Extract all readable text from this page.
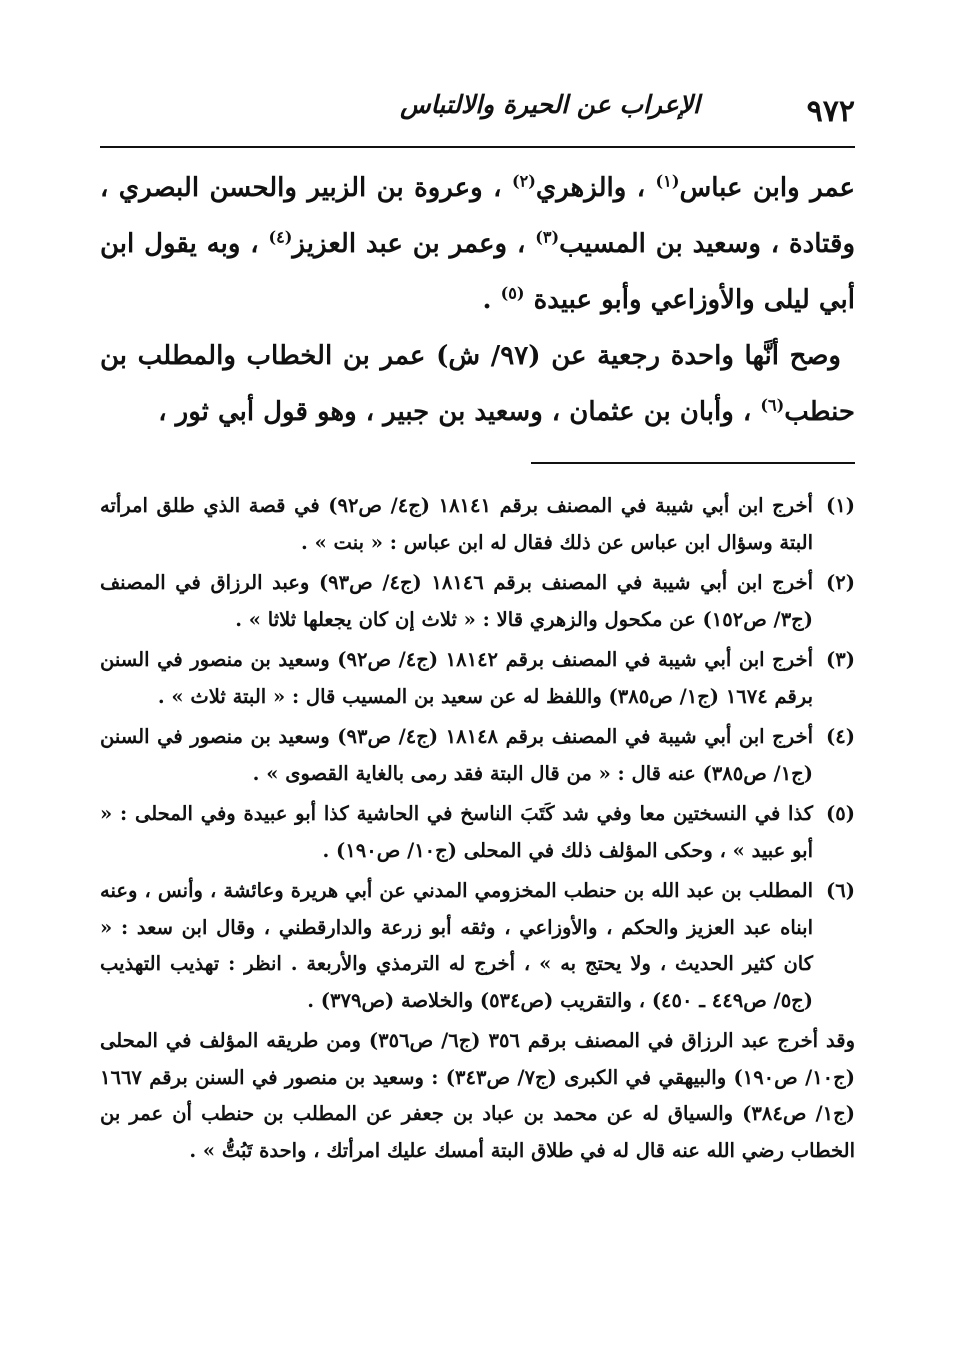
٩٧٢
الإعراب عن الحيرة والالتباس

عمر وابن عباس$^{(١)}$ ، والزهري$^{(٢)}$ ، وعروة بن الزبير والحسن البصري ، وقتادة ، وسعيد بن المسيب$^{(٣)}$ ، وعمر بن عبد العزيز$^{(٤)}$ ، وبه يقول ابن أبي ليلى والأوزاعي وأبو عبيدة $^{(٥)}$ .

وصح أنَّها واحدة رجعية عن (٩٧/ ش) عمر بن الخطاب والمطلب بن حنطب$^{(٦)}$ ، وأبان بن عثمان ، وسعيد بن جبير ، وهو قول أبي ثور ،

(١)
أخرج ابن أبي شيبة في المصنف برقم ١٨١٤١ (ج٤/ ص٩٢) في قصة الذي طلق امرأته البتة وسؤال ابن عباس عن ذلك فقال له ابن عباس : « بنت » .
(٢)
أخرج ابن أبي شيبة في المصنف برقم ١٨١٤٦ (ج٤/ ص٩٣) وعبد الرزاق في المصنف (ج٣/ ص١٥٢) عن مكحول والزهري قالا : « ثلاث إن كان يجعلها ثلاثا » .
(٣)
أخرج ابن أبي شيبة في المصنف برقم ١٨١٤٢ (ج٤/ ص٩٢) وسعيد بن منصور في السنن برقم ١٦٧٤ (ج١/ ص٣٨٥) واللفظ له عن سعيد بن المسيب قال : « البتة ثلاث » .
(٤)
أخرج ابن أبي شيبة في المصنف برقم ١٨١٤٨ (ج٤/ ص٩٣) وسعيد بن منصور في السنن (ج١/ ص٣٨٥) عنه قال : « من قال البتة فقد رمى بالغاية القصوى » .
(٥)
كذا في النسختين معا وفي شد كَتَبَ الناسخ في الحاشية كذا أبو عبيدة وفي المحلى : « أبو عبيد » ، وحكى المؤلف ذلك في المحلى (ج١٠/ ص١٩٠) .
(٦)
المطلب بن عبد الله بن حنطب المخزومي المدني عن أبي هريرة وعائشة ، وأنس ، وعنه ابناه عبد العزيز والحكم ، والأوزاعي ، وثقه أبو زرعة والدارقطني ، وقال ابن سعد : « كان كثير الحديث ، ولا يحتج به » ، أخرج له الترمذي والأربعة . انظر : تهذيب التهذيب (ج٥/ ص٤٤٩ ـ ٤٥٠) ، والتقريب (ص٥٣٤) والخلاصة (ص٣٧٩) .

وقد أخرج عبد الرزاق في المصنف برقم ٣٥٦ (ج٦/ ص٣٥٦) ومن طريقه المؤلف في المحلى (ج١٠/ ص١٩٠) والبيهقي في الكبرى (ج٧/ ص٣٤٣) : وسعيد بن منصور في السنن برقم ١٦٦٧ (ج١/ ص٣٨٤) والسياق له عن محمد بن عباد بن جعفر عن المطلب بن حنطب أن عمر بن الخطاب رضي الله عنه قال له في طلاق البتة أمسك عليك امرأتك ، واحدة تَبُتُّ » .
